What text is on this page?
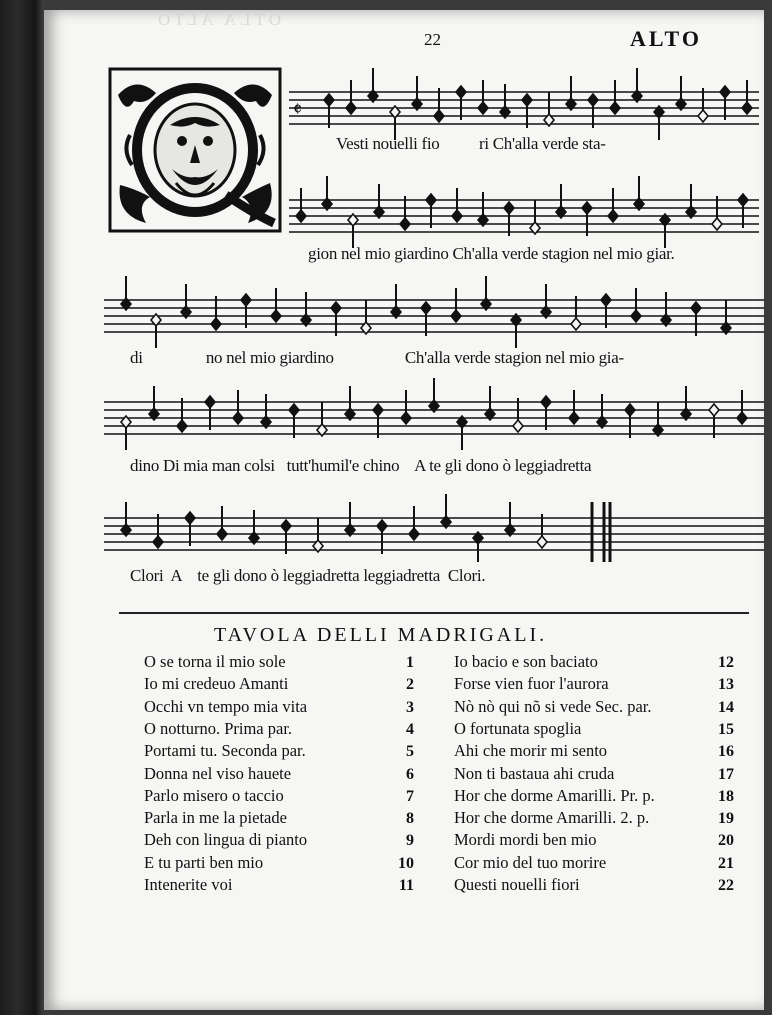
OTLA ALTO
22	ALTO
𝄵
Vesti nouelli fio          ri Ch'alla verde sta-
gion nel mio giardino Ch'alla verde stagion nel mio giar.
di                no nel mio giardino                  Ch'alla verde stagion nel mio gia-
dino Di mia man colsi   tutt'humil'e chino    A te gli dono ò leggiadretta
Clori  A    te gli dono ò leggiadretta leggiadretta  Clori.
TAVOLA DELLI MADRIGALI.
O se torna il mio sole	1
Io mi credeuo Amanti	2
Occhi vn tempo mia vita	3
O notturno. Prima par.	4
Portami tu. Seconda par.	5
Donna nel viso hauete	6
Parlo misero o taccio	7
Parla in me la pietade	8
Deh con lingua di pianto	9
E tu parti ben mio	10
Intenerite voi	11
Io bacio e son baciato	12
Forse vien fuor l'aurora	13
Nò nò qui nõ si vede Sec. par.	14
O fortunata spoglia	15
Ahi che morir mi sento	16
Non ti bastaua ahi cruda	17
Hor che dorme Amarilli. Pr. p.	18
Hor che dorme Amarilli. 2. p.	19
Mordi mordi ben mio	20
Cor mio del tuo morire	21
Questi nouelli fiori	22
